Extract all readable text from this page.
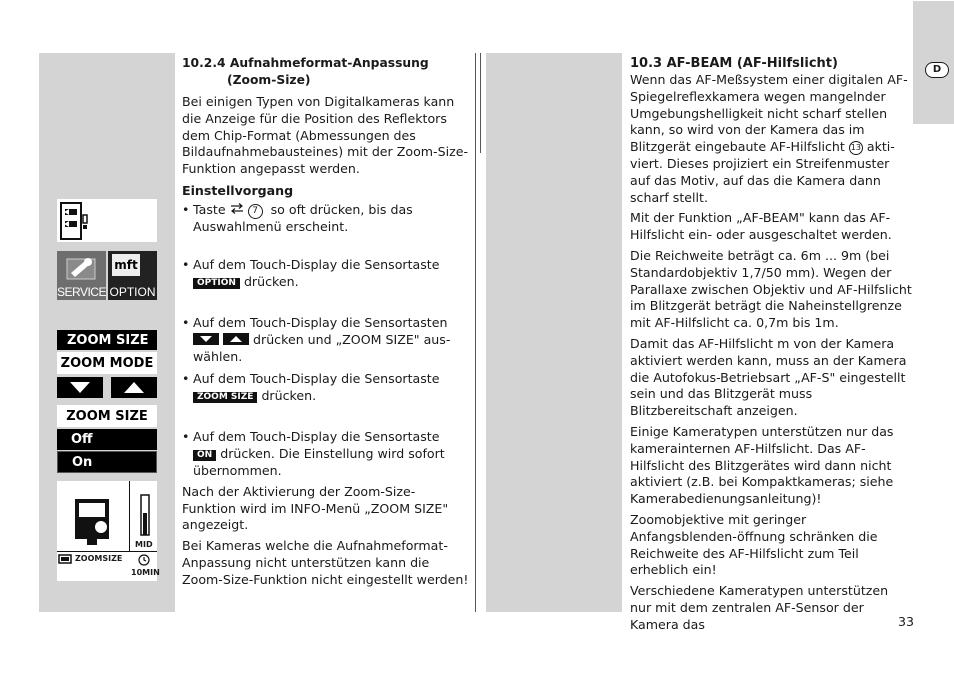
D
SERVICE
mft
OPTION
ZOOM SIZE
ZOOM MODE
ZOOM SIZE
Off
On
MID
ZOOMSIZE
10MIN
10.2.4 Aufnahmeformat-Anpassung
(Zoom-Size)

Bei einigen Typen von Digitalkameras kann die Anzeige für die Position des Reflektors dem Chip-Format (Abmessungen des Bildaufnahmebausteines) mit der Zoom-Size-Funktion angepasst werden.

Einstellvorgang

• Taste	7 so oft drücken, bis das Auswahlmenü erscheint.

• Auf dem Touch-Display die Sensortaste
OPTION drücken.

• Auf dem Touch-Display die Sensortasten

drücken und „ZOOM SIZE" aus-wählen.

• Auf dem Touch-Display die Sensortaste
ZOOM SIZE drücken.

• Auf dem Touch-Display die Sensortaste
ON drücken. Die Einstellung wird sofort übernommen.

Nach der Aktivierung der Zoom-Size-Funktion wird im INFO-Menü „ZOOM SIZE" angezeigt.

Bei Kameras welche die Aufnahmeformat-Anpassung nicht unterstützen kann die Zoom-Size-Funktion nicht eingestellt werden!

10.3 AF-BEAM (AF-Hilfslicht)

Wenn das AF-Meßsystem einer digitalen AF-Spiegelreflexkamera wegen mangelnder Umgebungshelligkeit nicht scharf stellen kann, so wird von der Kamera das im Blitzgerät eingebaute AF-Hilfslicht 13 akti-viert. Dieses projiziert ein Streifenmuster auf das Motiv, auf das die Kamera dann scharf stellt.

Mit der Funktion „AF-BEAM" kann das AF-Hilfslicht ein- oder ausgeschaltet werden.

Die Reichweite beträgt ca. 6m ... 9m (bei Standardobjektiv 1,7/50 mm). Wegen der Parallaxe zwischen Objektiv und AF-Hilfslicht im Blitzgerät beträgt die Naheinstellgrenze mit AF-Hilfslicht ca. 0,7m bis 1m.

Damit das AF-Hilfslicht m von der Kamera aktiviert werden kann, muss an der Kamera die Autofokus-Betriebsart „AF-S" eingestellt sein und das Blitzgerät muss Blitzbereitschaft anzeigen.

Einige Kameratypen unterstützen nur das kamerainternen AF-Hilfslicht. Das AF-Hilfslicht des Blitzgerätes wird dann nicht aktiviert (z.B. bei Kompaktkameras; siehe Kamerabedienungsanleitung)!

Zoomobjektive mit geringer Anfangsblenden-öffnung schränken die Reichweite des AF-Hilfslicht zum Teil erheblich ein!

Verschiedene Kameratypen unterstützen nur mit dem zentralen AF-Sensor der Kamera das	33
